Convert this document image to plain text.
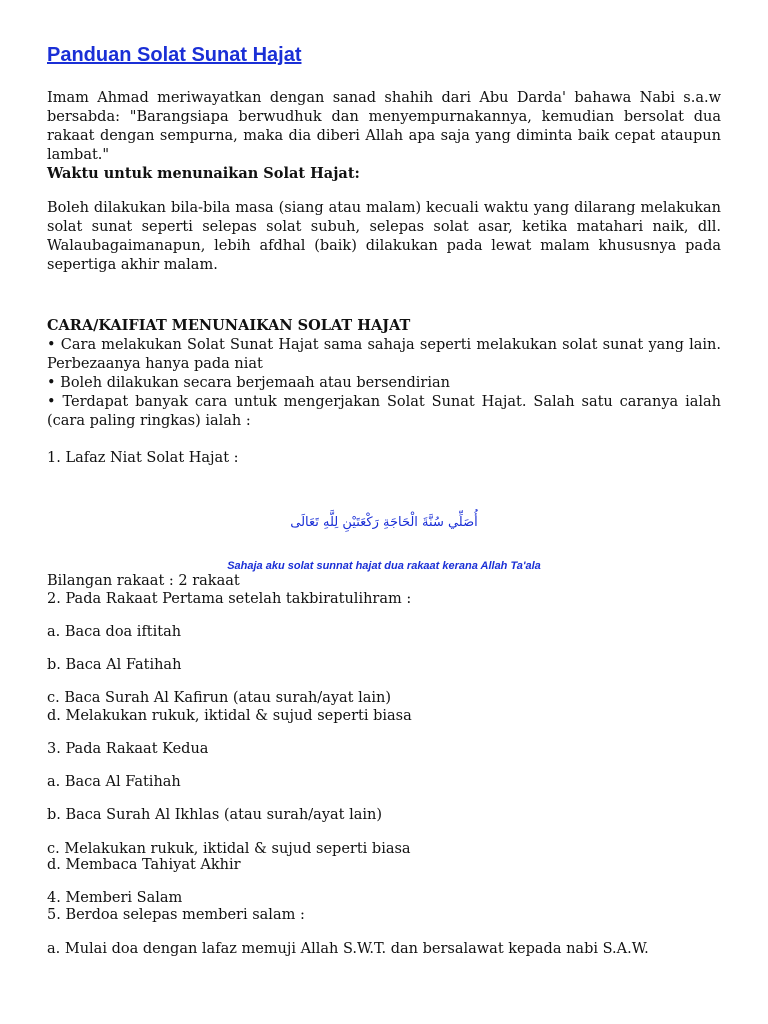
Panduan Solat Sunat Hajat
Imam Ahmad meriwayatkan dengan sanad shahih dari Abu Darda' bahawa Nabi s.a.w bersabda: "Barangsiapa berwudhuk dan menyempurnakannya, kemudian bersolat dua rakaat dengan sempurna, maka dia diberi Allah apa saja yang diminta baik cepat ataupun lambat."
Waktu untuk menunaikan Solat Hajat:
Boleh dilakukan bila-bila masa (siang atau malam) kecuali waktu yang dilarang melakukan solat sunat seperti selepas solat subuh, selepas solat asar, ketika matahari naik, dll. Walaubagaimanapun, lebih afdhal (baik) dilakukan pada lewat malam khususnya pada sepertiga akhir malam.
CARA/KAIFIAT MENUNAIKAN SOLAT HAJAT
• Cara melakukan Solat Sunat Hajat sama sahaja seperti melakukan solat sunat yang lain. Perbezaanya hanya pada niat
• Boleh dilakukan secara berjemaah atau bersendirian
• Terdapat banyak cara untuk mengerjakan Solat Sunat Hajat. Salah satu caranya ialah (cara paling ringkas) ialah :
1. Lafaz Niat Solat Hajat :
أُصَلِّي سُنَّةَ الْحَاجَةِ رَكْعَتَيْنِ لِلَّهِ تَعَالَى
Sahaja aku solat sunnat hajat dua rakaat kerana Allah Ta'ala
Bilangan rakaat : 2 rakaat
2. Pada Rakaat Pertama setelah takbiratulihram :
a. Baca doa iftitah
b. Baca Al Fatihah
c. Baca Surah Al Kafirun (atau surah/ayat lain)
d. Melakukan rukuk, iktidal & sujud seperti biasa
3. Pada Rakaat Kedua
a. Baca Al Fatihah
b. Baca Surah Al Ikhlas (atau surah/ayat lain)
c. Melakukan rukuk, iktidal & sujud seperti biasa
d. Membaca Tahiyat Akhir
4. Memberi Salam
5. Berdoa selepas memberi salam :
a. Mulai doa dengan lafaz memuji Allah S.W.T. dan bersalawat kepada nabi S.A.W.
